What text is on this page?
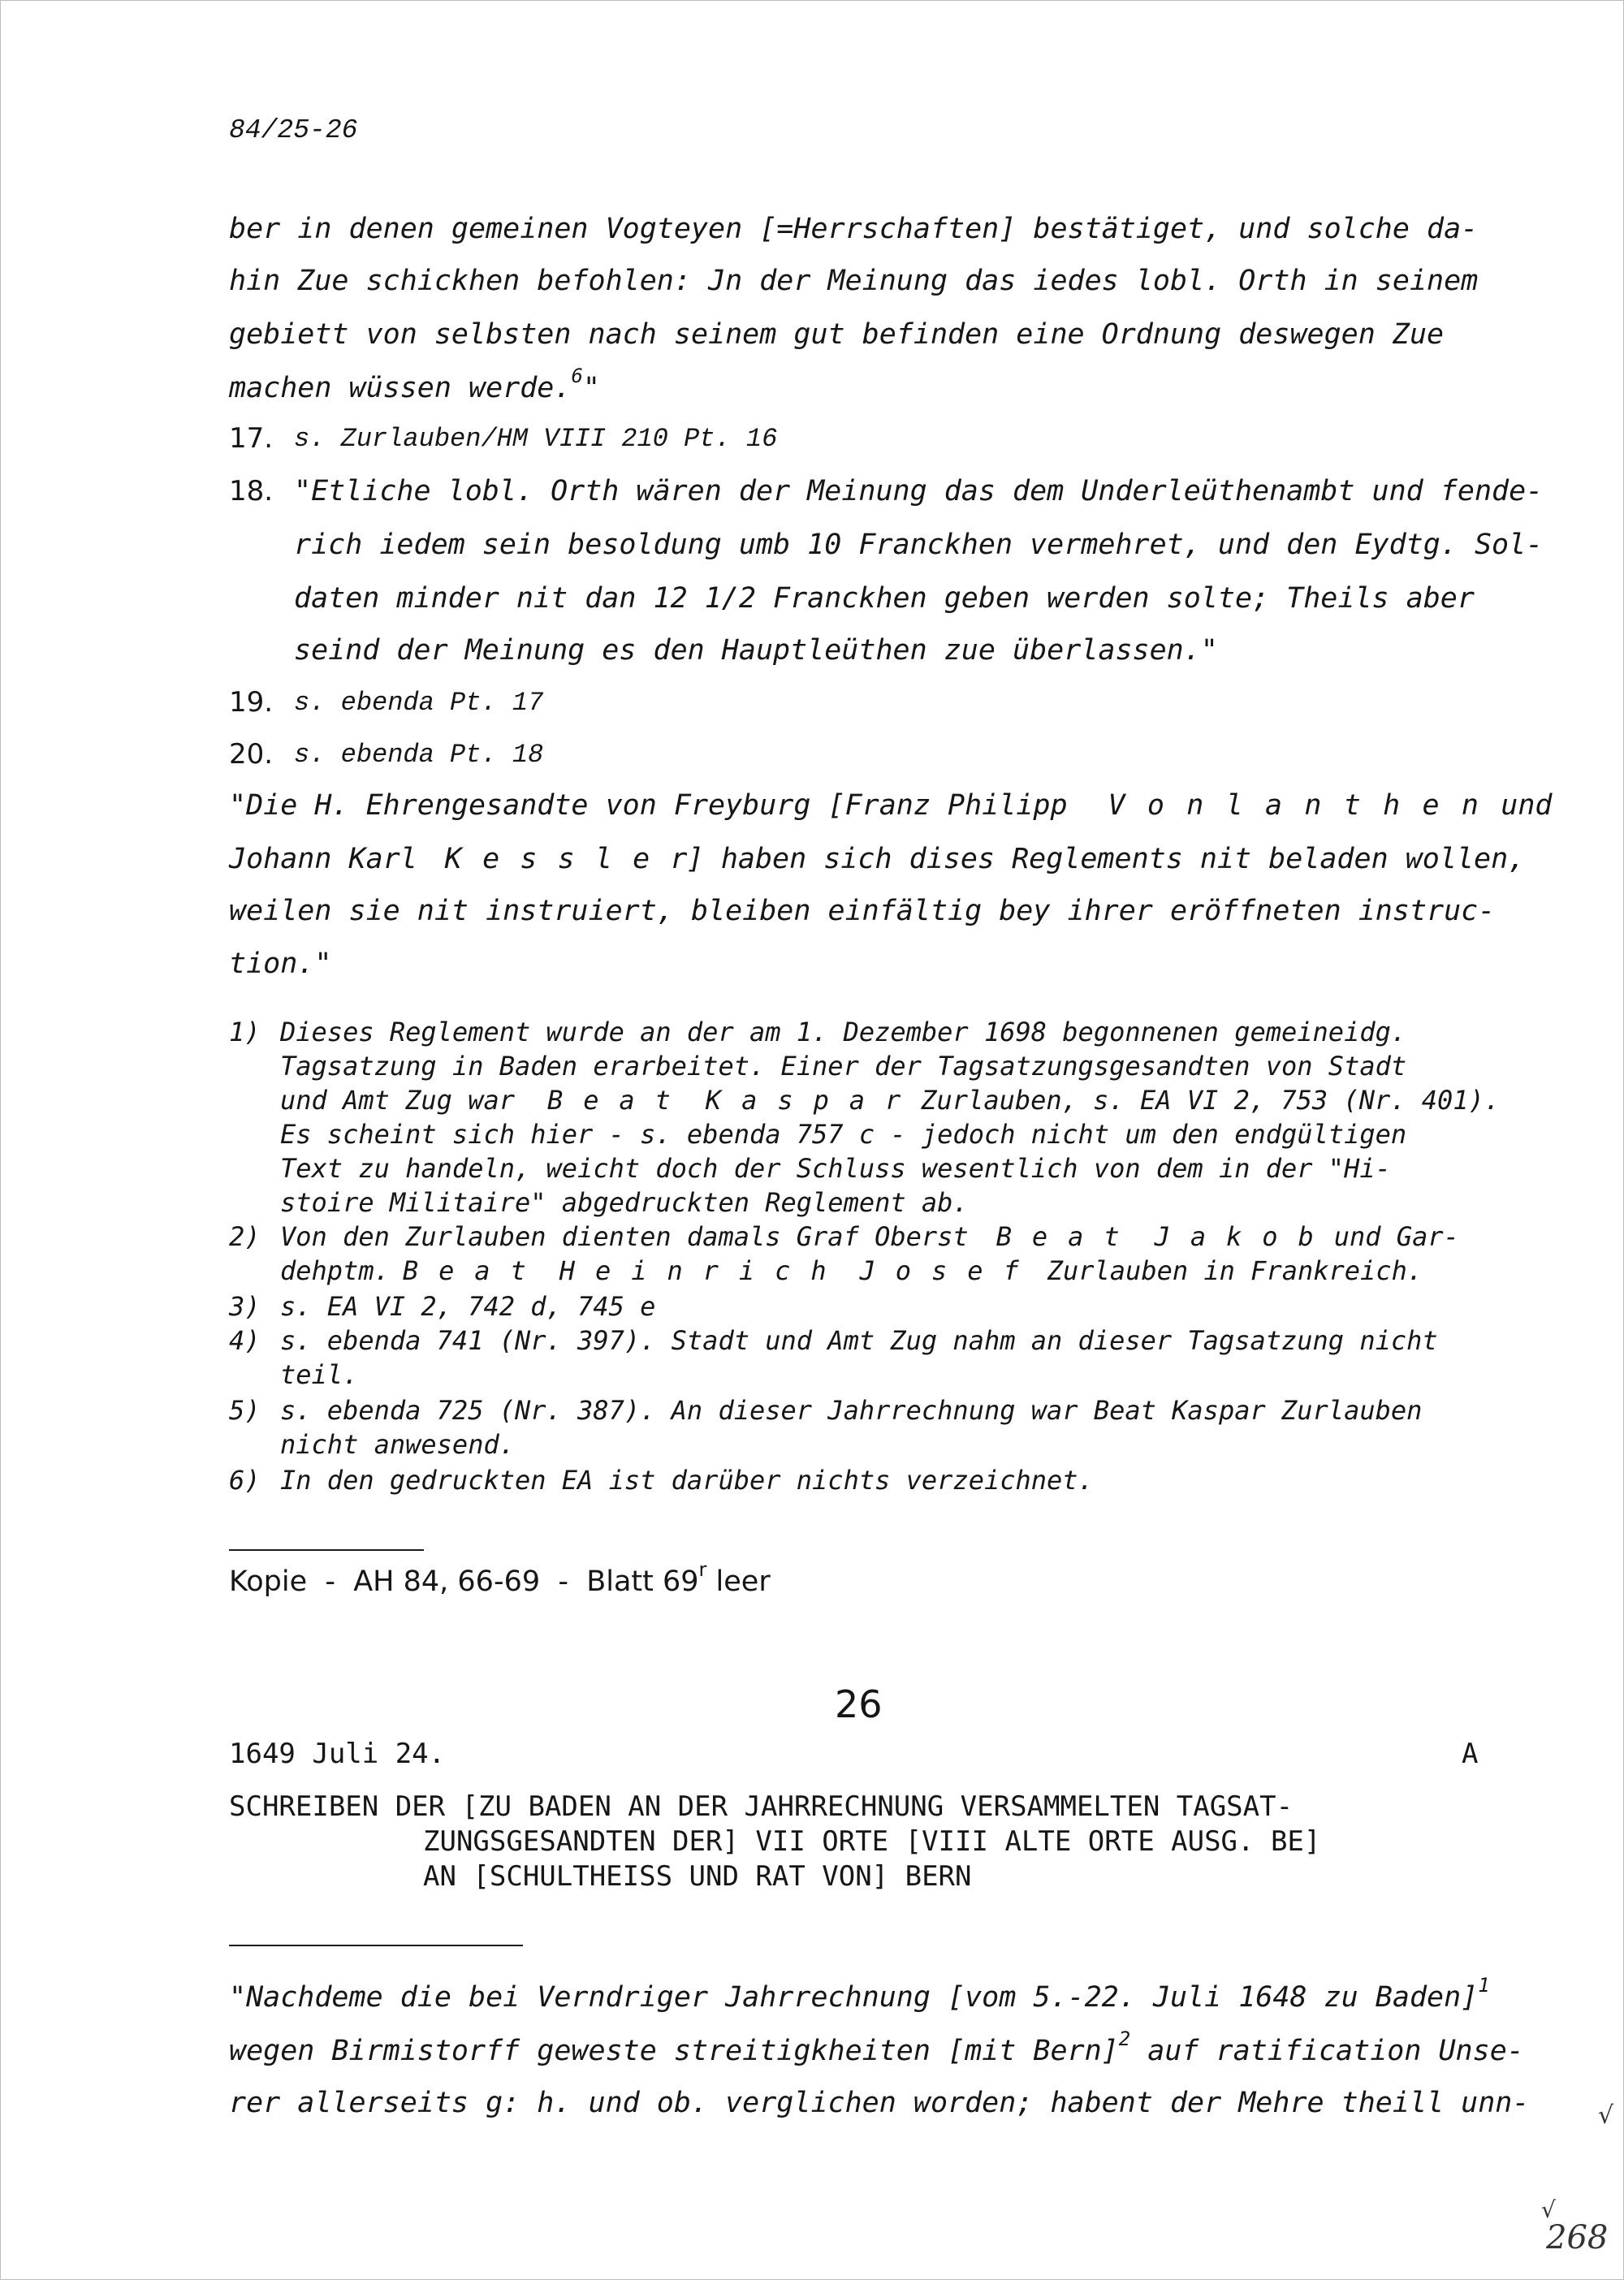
84/25-26
ber in denen gemeinen Vogteyen [=Herrschaften] bestätiget, und solche da-
hin Zue schickhen befohlen: Jn der Meinung das iedes lobl. Orth in seinem
gebiett von selbsten nach seinem gut befinden eine Ordnung deswegen Zue
machen wüssen werde.$^6$"
17. s. Zurlauben/HM VIII 210 Pt. 16
18. "Etliche lobl. Orth wären der Meinung das dem Underleüthenambt und fende-
rich iedem sein besoldung umb 10 Franckhen vermehret, und den Eydtg. Sol-
daten minder nit dan 12 1/2 Franckhen geben werden solte; Theils aber
seind der Meinung es den Hauptleüthen zue überlassen."
19. s. ebenda Pt. 17
20. s. ebenda Pt. 18
"Die H. Ehrengesandte von Freyburg [Franz Philipp Vonlanthenund
Johann Karl Kessler] haben sich dises Reglements nit beladen wollen,
weilen sie nit instruiert, bleiben einfältig bey ihrer eröffneten instruc-
tion."
1) Dieses Reglement wurde an der am 1. Dezember 1698 begonnenen gemeineidg.
Tagsatzung in Baden erarbeitet. Einer der Tagsatzungsgesandten von Stadt
und Amt Zug war Beat KasparZurlauben, s. EA VI 2, 753 (Nr. 401).
Es scheint sich hier - s. ebenda 757 c - jedoch nicht um den endgültigen
Text zu handeln, weicht doch der Schluss wesentlich von dem in der "Hi-
stoire Militaire" abgedruckten Reglement ab.
2) Von den Zurlauben dienten damals Graf Oberst Beat Jakobund Gar-
dehptm. Beat Heinrich Josef Zurlauben in Frankreich.
3) s. EA VI 2, 742 d, 745 e
4) s. ebenda 741 (Nr. 397). Stadt und Amt Zug nahm an dieser Tagsatzung nicht
teil.
5) s. ebenda 725 (Nr. 387). An dieser Jahrrechnung war Beat Kaspar Zurlauben
nicht anwesend.
6) In den gedruckten EA ist darüber nichts verzeichnet.
Kopie  -  AH 84, 66-69  -  Blatt 69$^r$ leer
26
1649 Juli 24.	A
SCHREIBEN DER [ZU BADEN AN DER JAHRRECHNUNG VERSAMMELTEN TAGSAT-
ZUNGSGESANDTEN DER] VII ORTE [VIII ALTE ORTE AUSG. BE]
AN [SCHULTHEISS UND RAT VON] BERN
"Nachdeme die bei Verndriger Jahrrechnung [vom 5.-22. Juli 1648 zu Baden]$^1$
wegen Birmistorff geweste streitigkheiten [mit Bern]$^2$ auf ratification Unse-
rer allerseits g: h. und ob. verglichen worden; habent der Mehre theill unn-	√
√
268
